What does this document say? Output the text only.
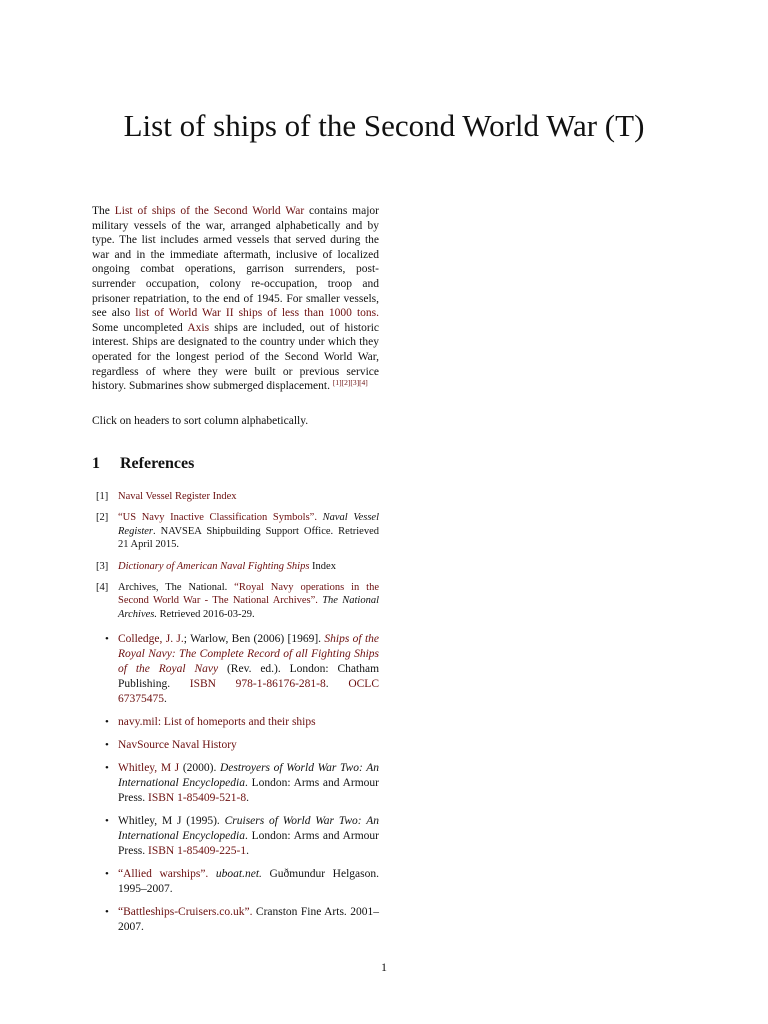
List of ships of the Second World War (T)

The List of ships of the Second World War contains major military vessels of the war, arranged alphabetically and by type. The list includes armed vessels that served during the war and in the immediate aftermath, inclusive of localized ongoing combat operations, garrison surrenders, post-surrender occupation, colony re-occupation, troop and prisoner repatriation, to the end of 1945. For smaller vessels, see also list of World War II ships of less than 1000 tons. Some uncompleted Axis ships are included, out of historic interest. Ships are designated to the country under which they operated for the longest period of the Second World War, regardless of where they were built or previous service history. Submarines show submerged displacement. [1][2][3][4]

Click on headers to sort column alphabetically.
1 References
[1] Naval Vessel Register Index
[2] “US Navy Inactive Classification Symbols”. Naval Vessel Register. NAVSEA Shipbuilding Support Office. Retrieved 21 April 2015.
[3] Dictionary of American Naval Fighting Ships Index
[4] Archives, The National. “Royal Navy operations in the Second World War - The National Archives”. The National Archives. Retrieved 2016-03-29.
• Colledge, J. J.; Warlow, Ben (2006) [1969]. Ships of the Royal Navy: The Complete Record of all Fighting Ships of the Royal Navy (Rev. ed.). London: Chatham Publishing. ISBN 978-1-86176-281-8. OCLC 67375475.
• navy.mil: List of homeports and their ships
• NavSource Naval History
• Whitley, M J (2000). Destroyers of World War Two: An International Encyclopedia. London: Arms and Armour Press. ISBN 1-85409-521-8.
• Whitley, M J (1995). Cruisers of World War Two: An International Encyclopedia. London: Arms and Armour Press. ISBN 1-85409-225-1.
• “Allied warships”. uboat.net. Guðmundur Helgason. 1995–2007.
• “Battleships-Cruisers.co.uk”. Cranston Fine Arts. 2001–2007.
1
